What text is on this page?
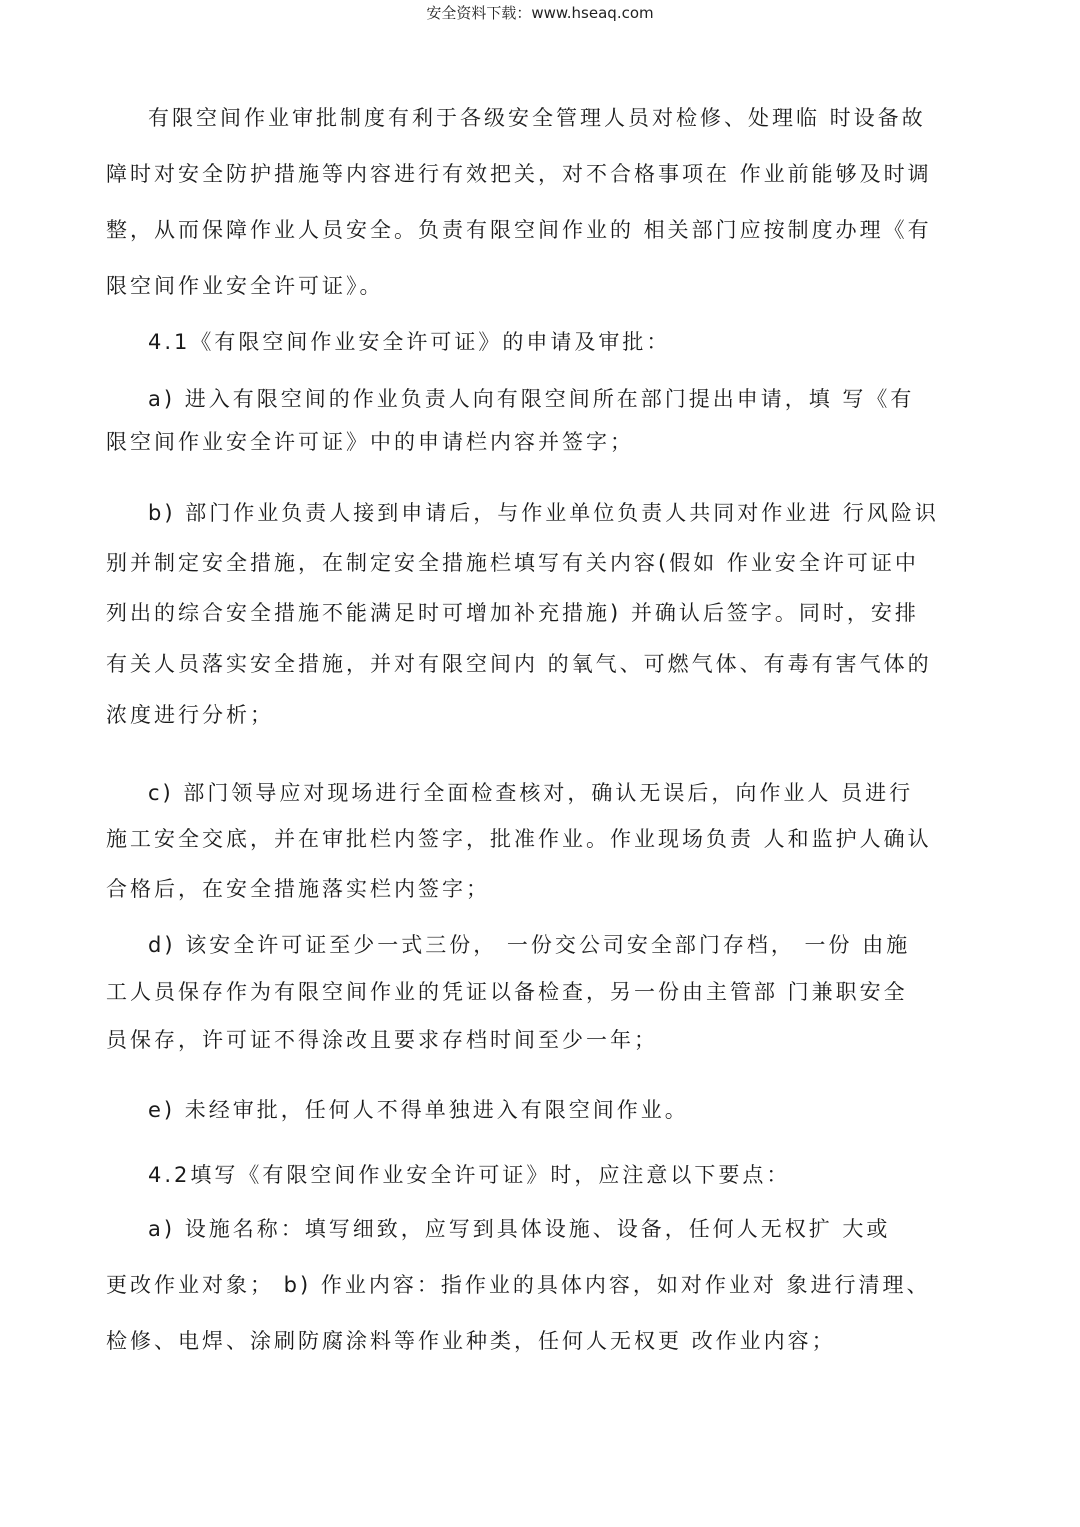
安全资料下载：www.hseaq.com
有限空间作业审批制度有利于各级安全管理人员对检修、处理临 时设备故
障时对安全防护措施等内容进行有效把关，对不合格事项在 作业前能够及时调
整，从而保障作业人员安全。负责有限空间作业的 相关部门应按制度办理《有
限空间作业安全许可证》。
4.1《有限空间作业安全许可证》的申请及审批：
a) 进入有限空间的作业负责人向有限空间所在部门提出申请，填 写《有
限空间作业安全许可证》中的申请栏内容并签字；
b) 部门作业负责人接到申请后，与作业单位负责人共同对作业进 行风险识
别并制定安全措施，在制定安全措施栏填写有关内容(假如 作业安全许可证中
列出的综合安全措施不能满足时可增加补充措施) 并确认后签字。同时，安排
有关人员落实安全措施，并对有限空间内 的氧气、可燃气体、有毒有害气体的
浓度进行分析；
c) 部门领导应对现场进行全面检查核对，确认无误后，向作业人 员进行
施工安全交底，并在审批栏内签字，批准作业。作业现场负责 人和监护人确认
合格后，在安全措施落实栏内签字；
d) 该安全许可证至少一式三份， 一份交公司安全部门存档， 一份 由施
工人员保存作为有限空间作业的凭证以备检查，另一份由主管部 门兼职安全
员保存，许可证不得涂改且要求存档时间至少一年；
e) 未经审批，任何人不得单独进入有限空间作业。
4.2填写《有限空间作业安全许可证》时，应注意以下要点：
a) 设施名称：填写细致，应写到具体设施、设备，任何人无权扩 大或
更改作业对象； b) 作业内容：指作业的具体内容，如对作业对 象进行清理、
检修、电焊、涂刷防腐涂料等作业种类，任何人无权更 改作业内容；
